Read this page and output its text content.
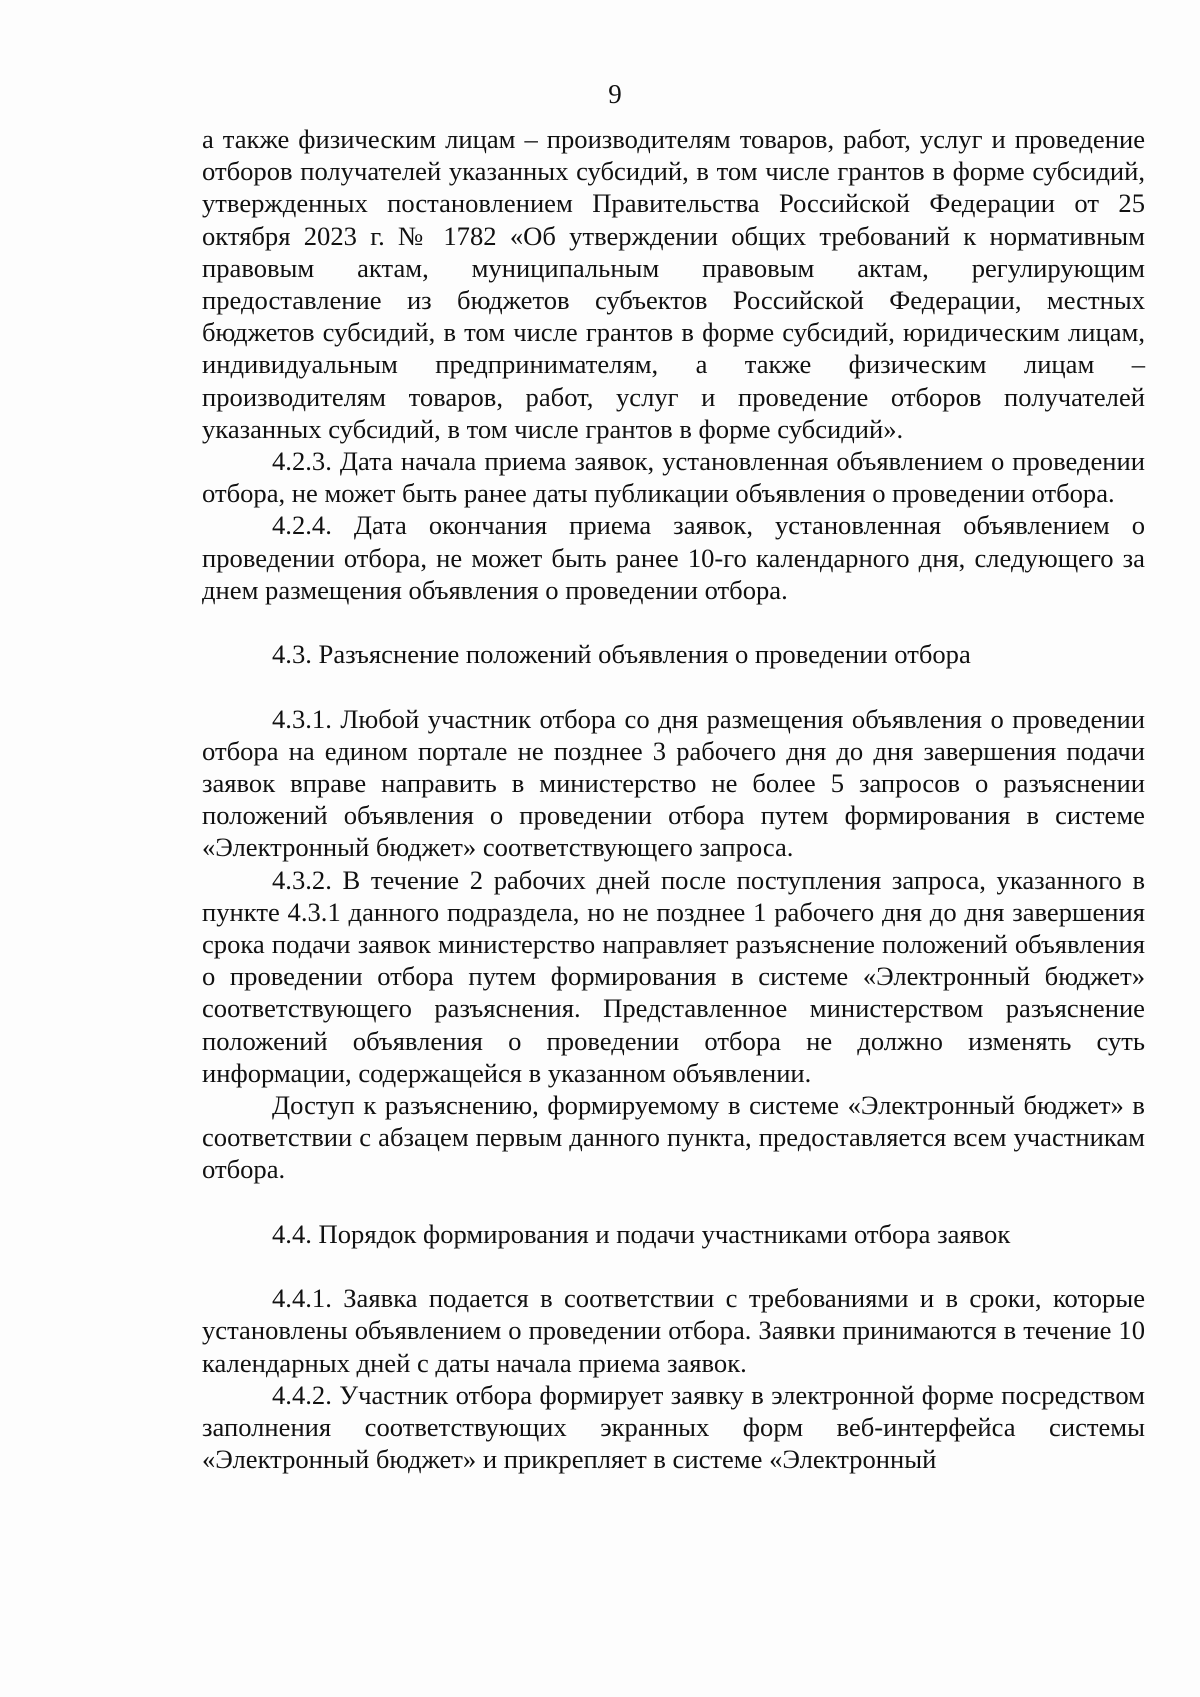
9

а также физическим лицам – производителям товаров, работ, услуг и проведение отборов получателей указанных субсидий, в том числе грантов в форме субсидий, утвержденных постановлением Правительства Российской Федерации от 25 октября 2023 г. № 1782 «Об утверждении общих требований к нормативным правовым актам, муниципальным правовым актам, регулирующим предоставление из бюджетов субъектов Российской Федерации, местных бюджетов субсидий, в том числе грантов в форме субсидий, юридическим лицам, индивидуальным предпринимателям, а также физическим лицам – производителям товаров, работ, услуг и проведение отборов получателей указанных субсидий, в том числе грантов в форме субсидий».

4.2.3. Дата начала приема заявок, установленная объявлением о проведении отбора, не может быть ранее даты публикации объявления о проведении отбора.

4.2.4. Дата окончания приема заявок, установленная объявлением о проведении отбора, не может быть ранее 10-го календарного дня, следующего за днем размещения объявления о проведении отбора.

4.3. Разъяснение положений объявления о проведении отбора

4.3.1. Любой участник отбора со дня размещения объявления о проведении отбора на едином портале не позднее 3 рабочего дня до дня завершения подачи заявок вправе направить в министерство не более 5 запросов о разъяснении положений объявления о проведении отбора путем формирования в системе «Электронный бюджет» соответствующего запроса.

4.3.2. В течение 2 рабочих дней после поступления запроса, указанного в пункте 4.3.1 данного подраздела, но не позднее 1 рабочего дня до дня завершения срока подачи заявок министерство направляет разъяснение положений объявления о проведении отбора путем формирования в системе «Электронный бюджет» соответствующего разъяснения. Представленное министерством разъяснение положений объявления о проведении отбора не должно изменять суть информации, содержащейся в указанном объявлении.

Доступ к разъяснению, формируемому в системе «Электронный бюджет» в соответствии с абзацем первым данного пункта, предоставляется всем участникам отбора.

4.4. Порядок формирования и подачи участниками отбора заявок

4.4.1. Заявка подается в соответствии с требованиями и в сроки, которые установлены объявлением о проведении отбора. Заявки принимаются в течение 10 календарных дней с даты начала приема заявок.

4.4.2. Участник отбора формирует заявку в электронной форме посредством заполнения соответствующих экранных форм веб-интерфейса системы «Электронный бюджет» и прикрепляет в системе «Электронный
